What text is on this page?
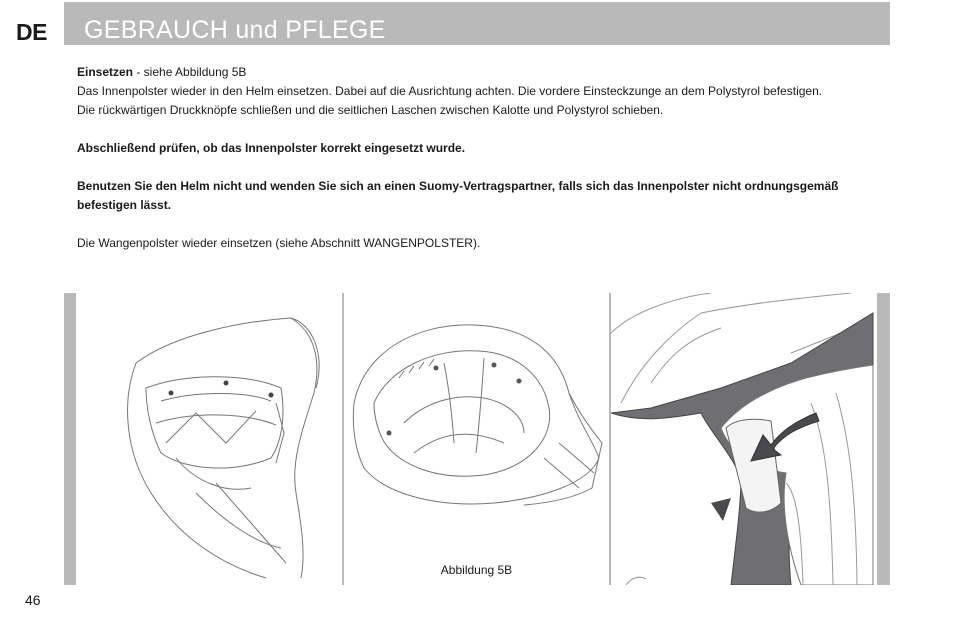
DE GEBRAUCH und PFLEGE

Einsetzen - siehe Abbildung 5B

Das Innenpolster wieder in den Helm einsetzen. Dabei auf die Ausrichtung achten. Die vordere Einsteckzunge an dem Polystyrol befestigen.

Die rückwärtigen Druckknöpfe schließen und die seitlichen Laschen zwischen Kalotte und Polystyrol schieben.

Abschließend prüfen, ob das Innenpolster korrekt eingesetzt wurde.

Benutzen Sie den Helm nicht und wenden Sie sich an einen Suomy-Vertragspartner, falls sich das Innenpolster nicht ordnungsgemäß

befestigen lässt.

Die Wangenpolster wieder einsetzen (siehe Abschnitt WANGENPOLSTER).

Abbildung 5B
46
